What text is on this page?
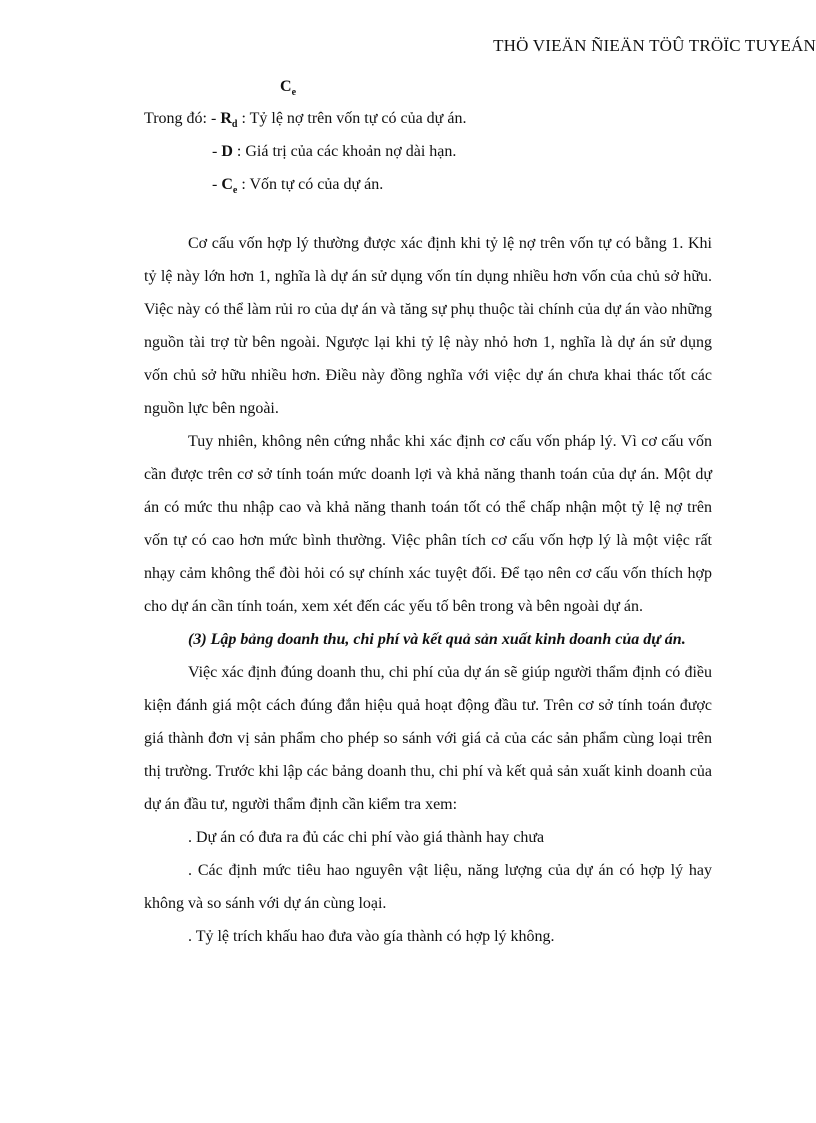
THÖ VIEÄN ÑIEÄN TÖÛ TRÖÏC TUYEÁN
$C_e$
Trong đó: - $R_d$ : Tỷ lệ nợ trên vốn tự có của dự án.
- D : Giá trị của các khoản nợ dài hạn.
- $C_e$ : Vốn tự có của dự án.

Cơ cấu vốn hợp lý thường được xác định khi tỷ lệ nợ trên vốn tự có bằng 1. Khi tỷ lệ này lớn hơn 1, nghĩa là dự án sử dụng vốn tín dụng nhiều hơn vốn của chủ sở hữu. Việc này có thể làm rủi ro của dự án và tăng sự phụ thuộc tài chính của dự án vào những nguồn tài trợ từ bên ngoài. Ngược lại khi tỷ lệ này nhỏ hơn 1, nghĩa là dự án sử dụng vốn chủ sở hữu nhiều hơn. Điều này đồng nghĩa với việc dự án chưa khai thác tốt các nguồn lực bên ngoài.

Tuy nhiên, không nên cứng nhắc khi xác định cơ cấu vốn pháp lý. Vì cơ cấu vốn cần được trên cơ sở tính toán mức doanh lợi và khả năng thanh toán của dự án. Một dự án có mức thu nhập cao và khả năng thanh toán tốt có thể chấp nhận một tỷ lệ nợ trên vốn tự có cao hơn mức bình thường. Việc phân tích cơ cấu vốn hợp lý là một việc rất nhạy cảm không thể đòi hỏi có sự chính xác tuyệt đối. Để tạo nên cơ cấu vốn thích hợp cho dự án cần tính toán, xem xét đến các yếu tố bên trong và bên ngoài dự án.

(3) Lập bảng doanh thu, chi phí và kết quả sản xuất kinh doanh của dự án.

Việc xác định đúng doanh thu, chi phí của dự án sẽ giúp người thẩm định có điều kiện đánh giá một cách đúng đắn hiệu quả hoạt động đầu tư. Trên cơ sở tính toán được giá thành đơn vị sản phẩm cho phép so sánh với giá cả của các sản phẩm cùng loại trên thị trường. Trước khi lập các bảng doanh thu, chi phí và kết quả sản xuất kinh doanh của dự án đầu tư, người thẩm định cần kiểm tra xem:

. Dự án có đưa ra đủ các chi phí vào giá thành hay chưa

. Các định mức tiêu hao nguyên vật liệu, năng lượng của dự án có hợp lý hay không và so sánh với dự án cùng loại.

. Tỷ lệ trích khấu hao đưa vào gía thành có hợp lý không.
